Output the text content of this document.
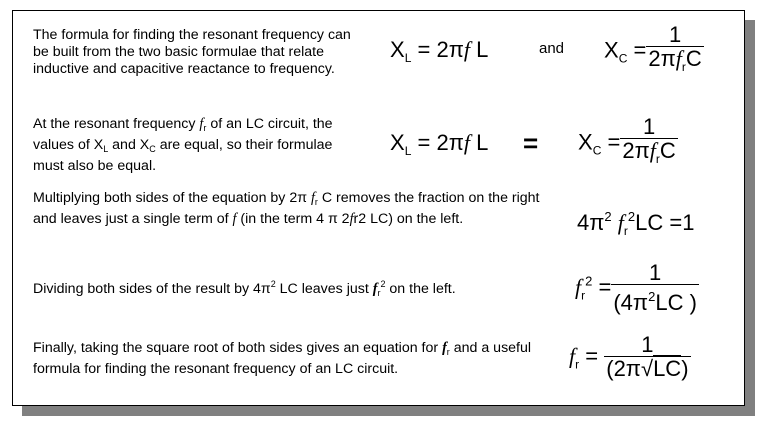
The formula for finding the resonant frequency can be built from the two basic formulae that relate inductive and capacitive reactance to frequency.
$X_L = 2\pi f$ L	and $X_C = \frac{1}{2\pi f_rC}$
At the resonant frequency $f_r$ of an LC circuit, the values of $X_L$ and $X_C$ are equal, so their formulae must also be equal.
$X_L = 2\pi f$ $L = X_C = \frac{1}{2\pi f_rC}$
Multiplying both sides of the equation by 2π $f_r$ C removes the fraction on the right and leaves just a single term of f (in the term 4 π 2fr2 LC) on the left.	$4\pi^2$ $f_r^2LC =1$
Dividing both sides of the result by $4\pi^2$ LC leaves just $f_r^2$ on the left.	$f_r^2 = \frac{1}{(4\pi^2LC )}$
Finally, taking the square root of both sides gives an equation for $f_r$ and a useful formula for finding the resonant frequency of an LC circuit.
$f_r = \frac{1}{(2\pi√LC)}$
